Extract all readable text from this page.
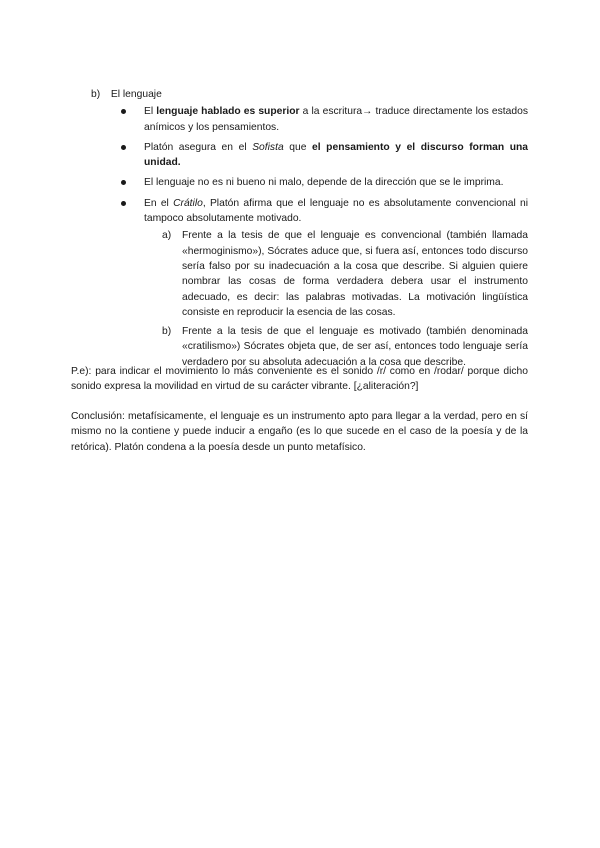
b) El lenguaje
El lenguaje hablado es superior a la escritura→ traduce directamente los estados anímicos y los pensamientos.
Platón asegura en el Sofista que el pensamiento y el discurso forman una unidad.
El lenguaje no es ni bueno ni malo, depende de la dirección que se le imprima.
En el Crátilo, Platón afirma que el lenguaje no es absolutamente convencional ni tampoco absolutamente motivado.
a) Frente a la tesis de que el lenguaje es convencional (también llamada «hermoginismo»), Sócrates aduce que, si fuera así, entonces todo discurso sería falso por su inadecuación a la cosa que describe. Si alguien quiere nombrar las cosas de forma verdadera debera usar el instrumento adecuado, es decir: las palabras motivadas. La motivación lingüística consiste en reproducir la esencia de las cosas.
b) Frente a la tesis de que el lenguaje es motivado (también denominada «cratilismo») Sócrates objeta que, de ser así, entonces todo lenguaje sería verdadero por su absoluta adecuación a la cosa que describe.
P.e): para indicar el movimiento lo más conveniente es el sonido /r/ como en /rodar/ porque dicho sonido expresa la movilidad en virtud de su carácter vibrante. [¿aliteración?]
Conclusión: metafísicamente, el lenguaje es un instrumento apto para llegar a la verdad, pero en sí mismo no la contiene y puede inducir a engaño (es lo que sucede en el caso de la poesía y de la retórica). Platón condena a la poesía desde un punto metafísico.
